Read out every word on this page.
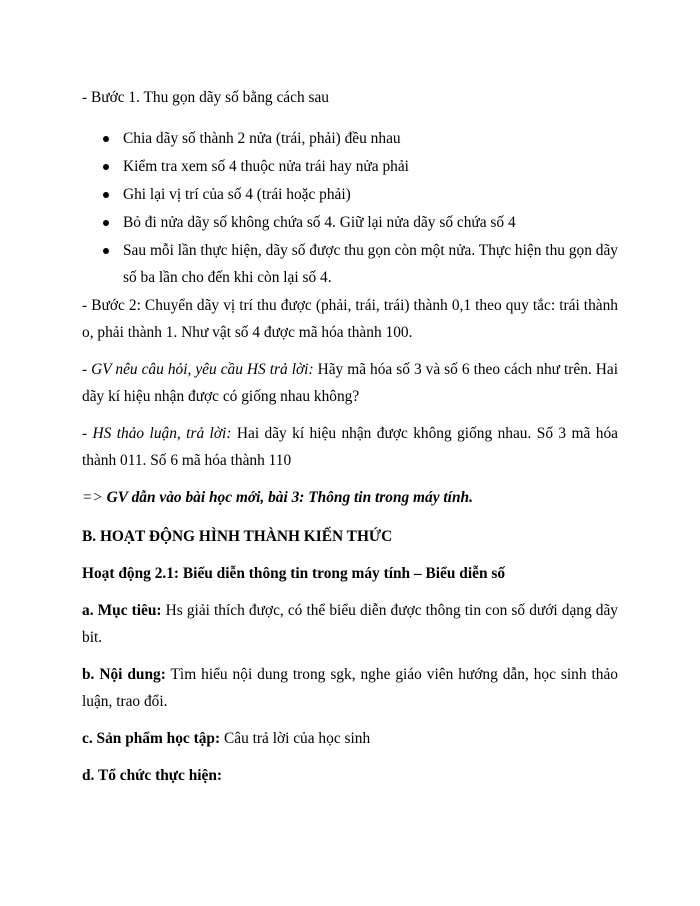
- Bước 1. Thu gọn dãy số bằng cách sau

Chia dãy số thành 2 nửa (trái, phải) đều nhau
Kiểm tra xem số 4 thuộc nửa trái hay nửa phải
Ghi lại vị trí của số 4 (trái hoặc phải)
Bỏ đi nửa dãy số không chứa số 4. Giữ lại nửa dãy số chứa số 4
Sau mỗi lần thực hiện, dãy số được thu gọn còn một nửa. Thực hiện thu gọn dãy số ba lần cho đến khi còn lại số 4.

- Bước 2: Chuyển dãy vị trí thu được (phải, trái, trái) thành 0,1 theo quy tắc: trái thành o, phải thành 1. Như vật số 4 được mã hóa thành 100.

- GV nêu câu hỏi, yêu cầu HS trả lời: Hãy mã hóa số 3 và số 6 theo cách như trên. Hai dãy kí hiệu nhận được có giống nhau không?

- HS thảo luận, trả lời: Hai dãy kí hiệu nhận được không giống nhau. Số 3 mã hóa thành 011. Số 6 mã hóa thành 110

=> GV dẫn vào bài học mới, bài 3: Thông tin trong máy tính.

B. HOẠT ĐỘNG HÌNH THÀNH KIẾN THỨC

Hoạt động 2.1: Biểu diễn thông tin trong máy tính – Biểu diễn số

a. Mục tiêu: Hs giải thích được, có thể biểu diễn được thông tin con số dưới dạng dãy bit.

b. Nội dung: Tìm hiểu nội dung trong sgk, nghe giáo viên hướng dẫn, học sinh thảo luận, trao đổi.

c. Sản phẩm học tập: Câu trả lời của học sinh

d. Tổ chức thực hiện:
